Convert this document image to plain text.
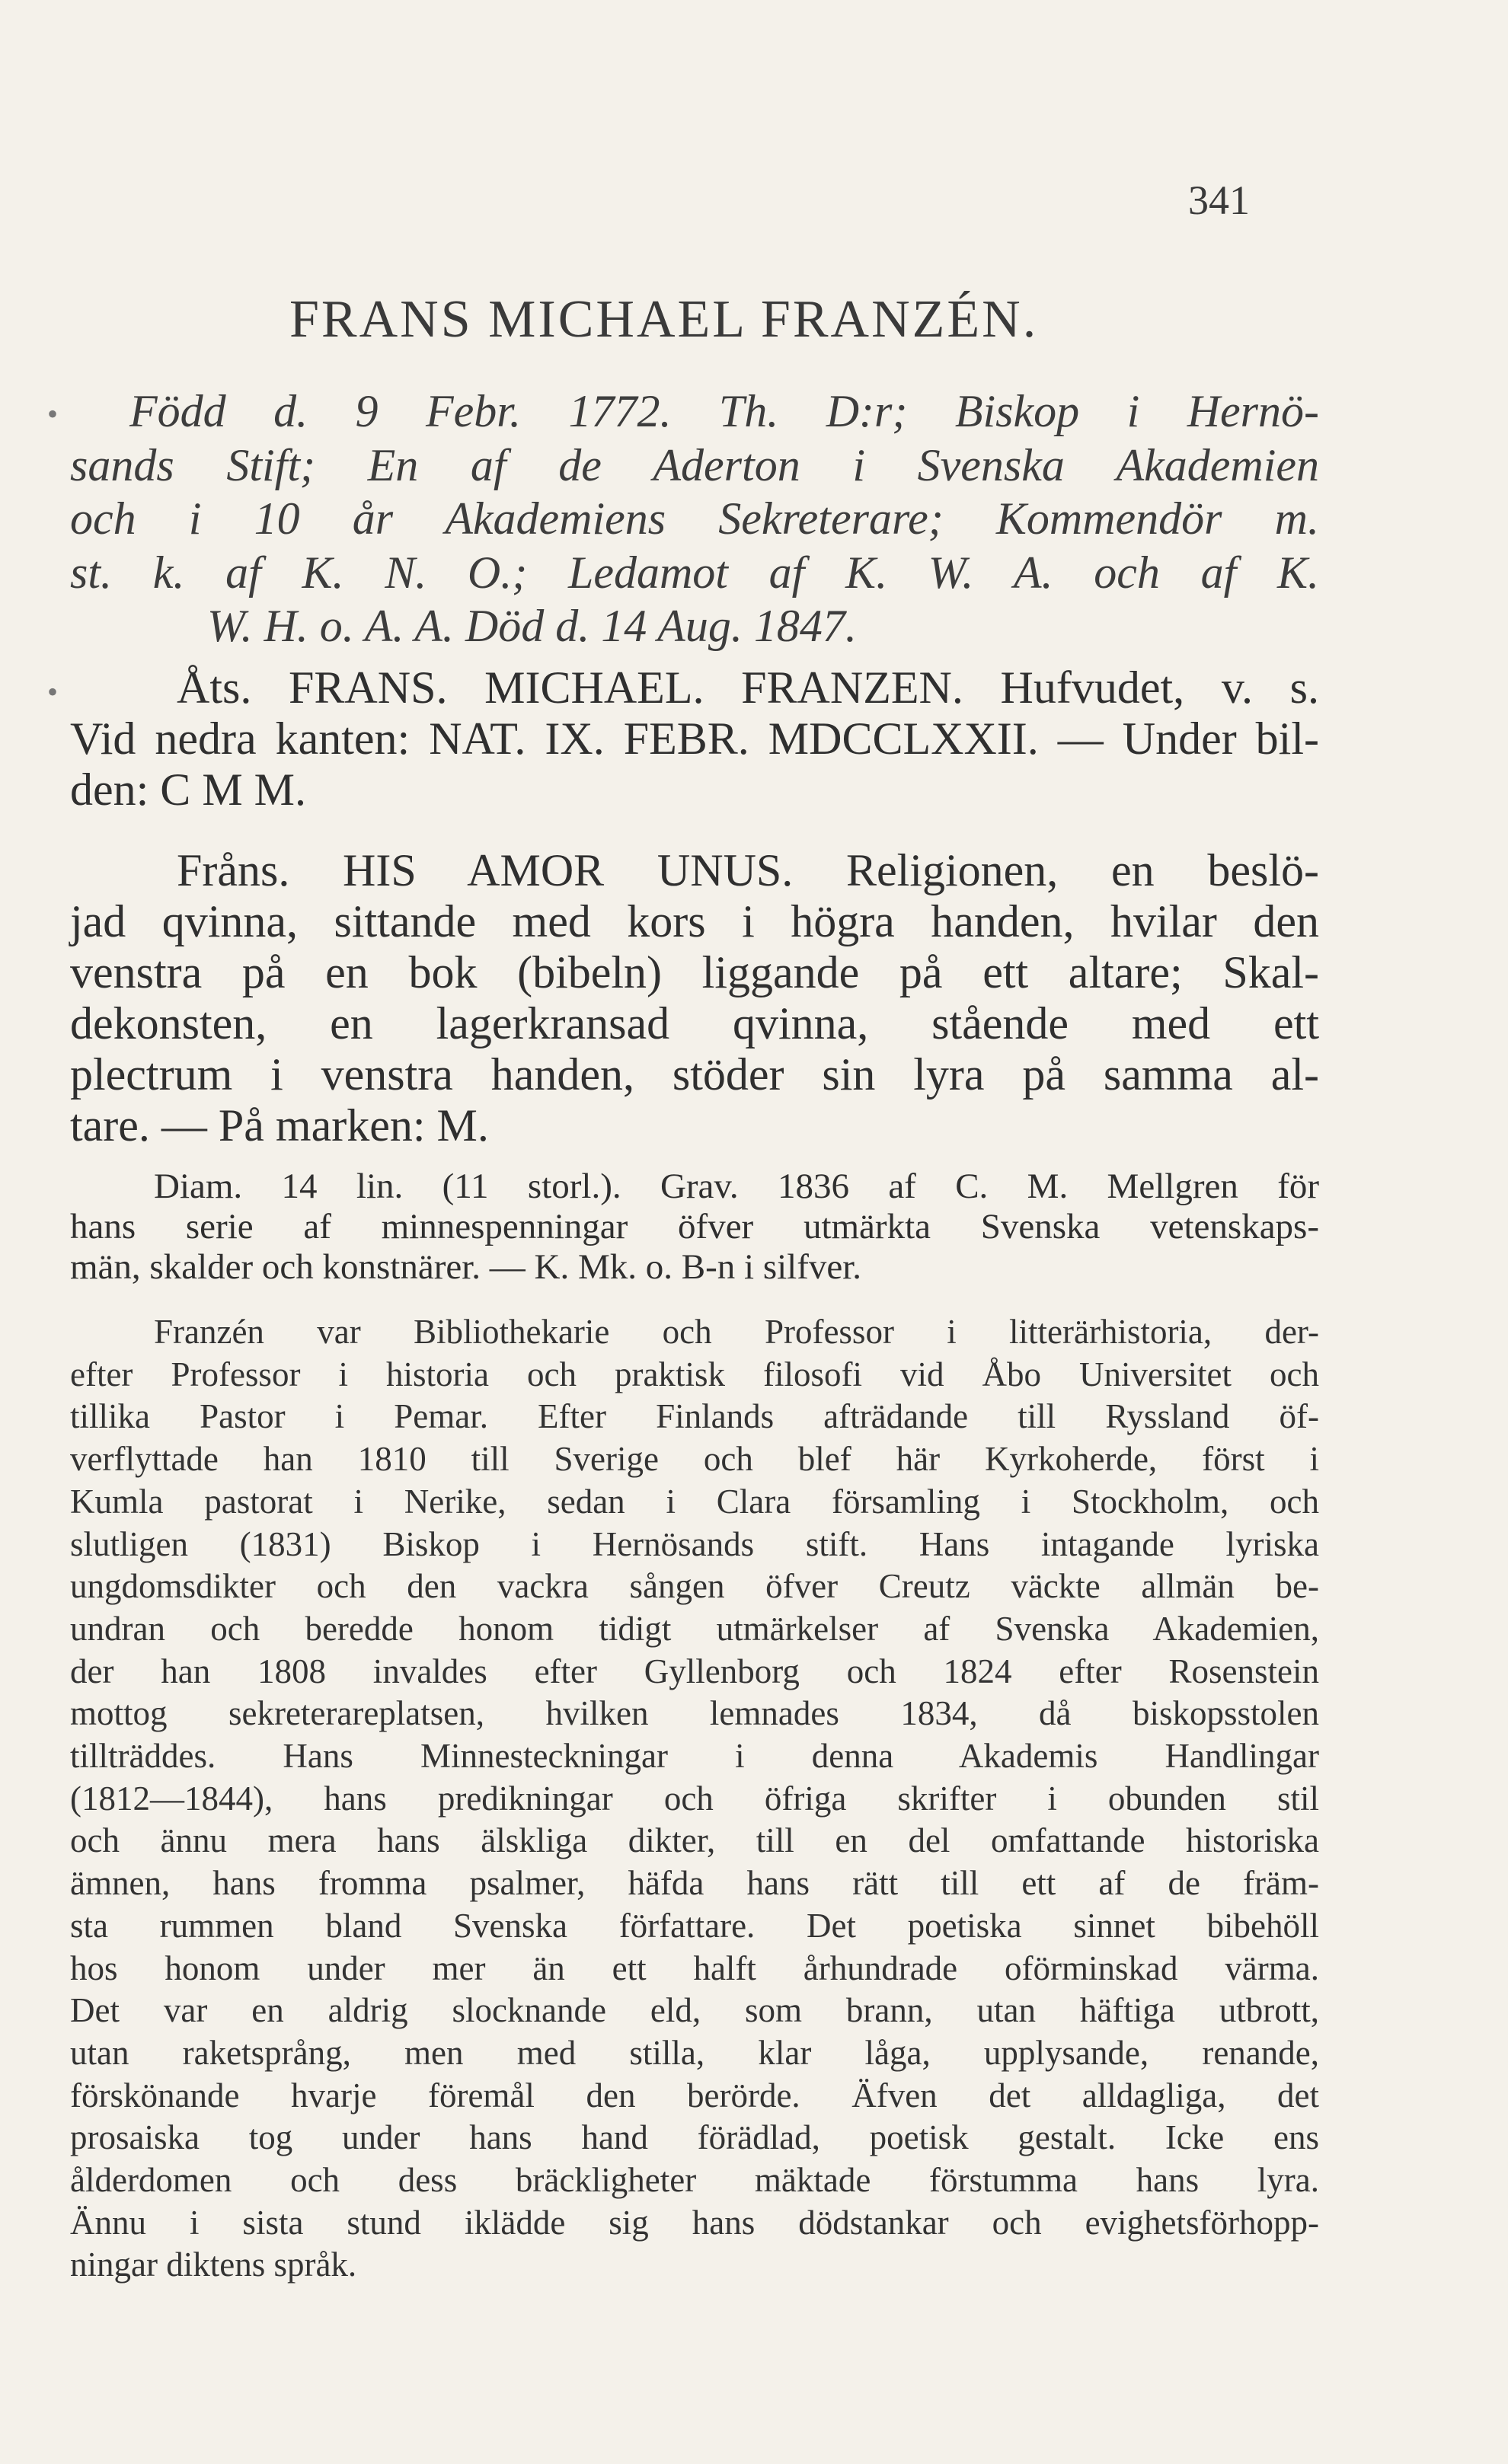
341
FRANS MICHAEL FRANZÉN.
Född d. 9 Febr. 1772. Th. D:r; Biskop i Hernö-
sands Stift; En af de Aderton i Svenska Akademien
och i 10 år Akademiens Sekreterare; Kommendör m.
st. k. af K. N. O.; Ledamot af K. W. A. och af K.
W. H. o. A. A. Död d. 14 Aug. 1847.
Åts. FRANS. MICHAEL. FRANZEN. Hufvudet, v. s.
Vid nedra kanten: NAT. IX. FEBR. MDCCLXXII. — Under bil-
den: C M M.
Fråns. HIS AMOR UNUS. Religionen, en beslö-
jad qvinna, sittande med kors i högra handen, hvilar den
venstra på en bok (bibeln) liggande på ett altare; Skal-
dekonsten, en lagerkransad qvinna, stående med ett
plectrum i venstra handen, stöder sin lyra på samma al-
tare. — På marken: M.
Diam. 14 lin. (11 storl.). Grav. 1836 af C. M. Mellgren för
hans serie af minnespenningar öfver utmärkta Svenska vetenskaps-
män, skalder och konstnärer. — K. Mk. o. B-n i silfver.
Franzén var Bibliothekarie och Professor i litterärhistoria, der-
efter Professor i historia och praktisk filosofi vid Åbo Universitet och
tillika Pastor i Pemar. Efter Finlands afträdande till Ryssland öf-
verflyttade han 1810 till Sverige och blef här Kyrkoherde, först i
Kumla pastorat i Nerike, sedan i Clara församling i Stockholm, och
slutligen (1831) Biskop i Hernösands stift. Hans intagande lyriska
ungdomsdikter och den vackra sången öfver Creutz väckte allmän be-
undran och beredde honom tidigt utmärkelser af Svenska Akademien,
der han 1808 invaldes efter Gyllenborg och 1824 efter Rosenstein
mottog sekreterareplatsen, hvilken lemnades 1834, då biskopsstolen
tillträddes. Hans Minnesteckningar i denna Akademis Handlingar
(1812—1844), hans predikningar och öfriga skrifter i obunden stil
och ännu mera hans älskliga dikter, till en del omfattande historiska
ämnen, hans fromma psalmer, häfda hans rätt till ett af de främ-
sta rummen bland Svenska författare. Det poetiska sinnet bibehöll
hos honom under mer än ett halft århundrade oförminskad värma.
Det var en aldrig slocknande eld, som brann, utan häftiga utbrott,
utan raketsprång, men med stilla, klar låga, upplysande, renande,
förskönande hvarje föremål den berörde. Äfven det alldagliga, det
prosaiska tog under hans hand förädlad, poetisk gestalt. Icke ens
ålderdomen och dess bräckligheter mäktade förstumma hans lyra.
Ännu i sista stund iklädde sig hans dödstankar och evighetsförhopp-
ningar diktens språk.
•
•
